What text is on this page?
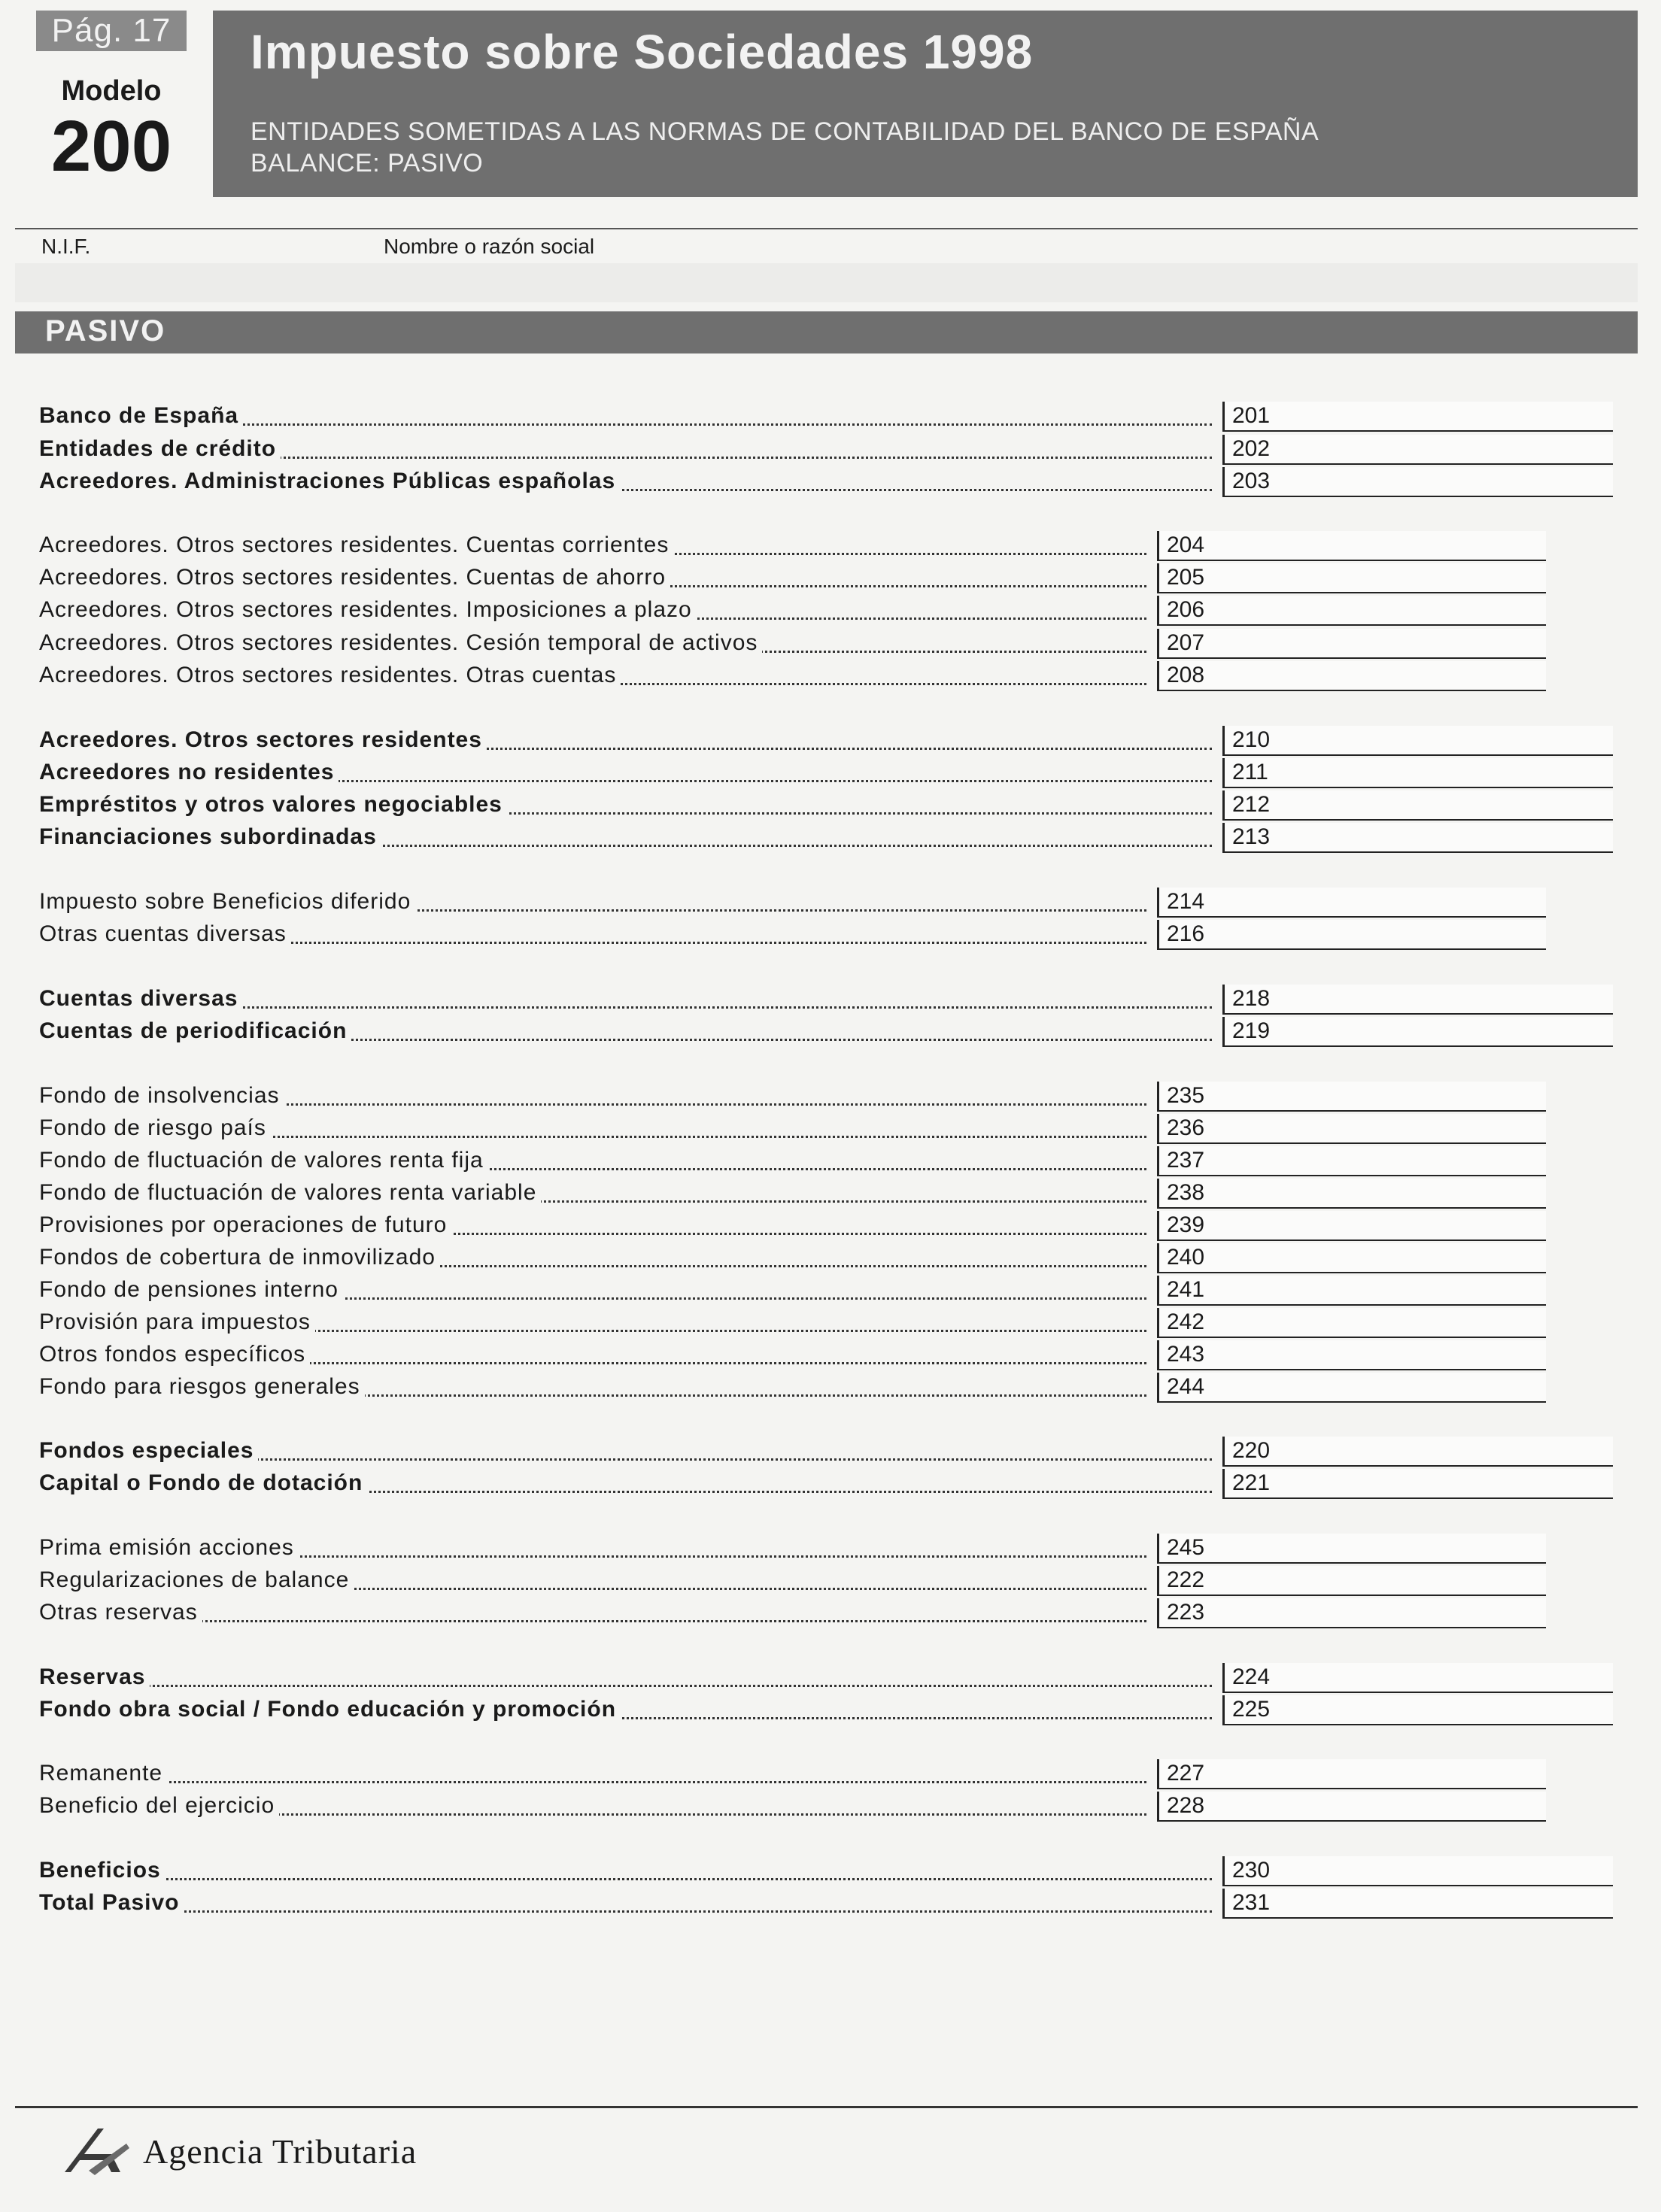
Pág. 17
Modelo
200
Impuesto sobre Sociedades 1998
ENTIDADES SOMETIDAS A LAS NORMAS DE CONTABILIDAD DEL BANCO DE ESPAÑA
BALANCE: PASIVO
N.I.F.	Nombre o razón social
PASIVO
Banco de España	201
Entidades de crédito	202
Acreedores. Administraciones Públicas españolas	203
Acreedores. Otros sectores residentes. Cuentas corrientes	204
Acreedores. Otros sectores residentes. Cuentas de ahorro	205
Acreedores. Otros sectores residentes. Imposiciones a plazo	206
Acreedores. Otros sectores residentes. Cesión temporal de activos	207
Acreedores. Otros sectores residentes. Otras cuentas	208
Acreedores. Otros sectores residentes	210
Acreedores no residentes	211
Empréstitos y otros valores negociables	212
Financiaciones subordinadas	213
Impuesto sobre Beneficios diferido	214
Otras cuentas diversas	216
Cuentas diversas	218
Cuentas de periodificación	219
Fondo de insolvencias	235
Fondo de riesgo país	236
Fondo de fluctuación de valores renta fija	237
Fondo de fluctuación de valores renta variable	238
Provisiones por operaciones de futuro	239
Fondos de cobertura de inmovilizado	240
Fondo de pensiones interno	241
Provisión para impuestos	242
Otros fondos específicos	243
Fondo para riesgos generales	244
Fondos especiales	220
Capital o Fondo de dotación	221
Prima emisión acciones	245
Regularizaciones de balance	222
Otras reservas	223
Reservas	224
Fondo obra social / Fondo educación y promoción	225
Remanente	227
Beneficio del ejercicio	228
Beneficios	230
Total Pasivo	231
Agencia Tributaria
